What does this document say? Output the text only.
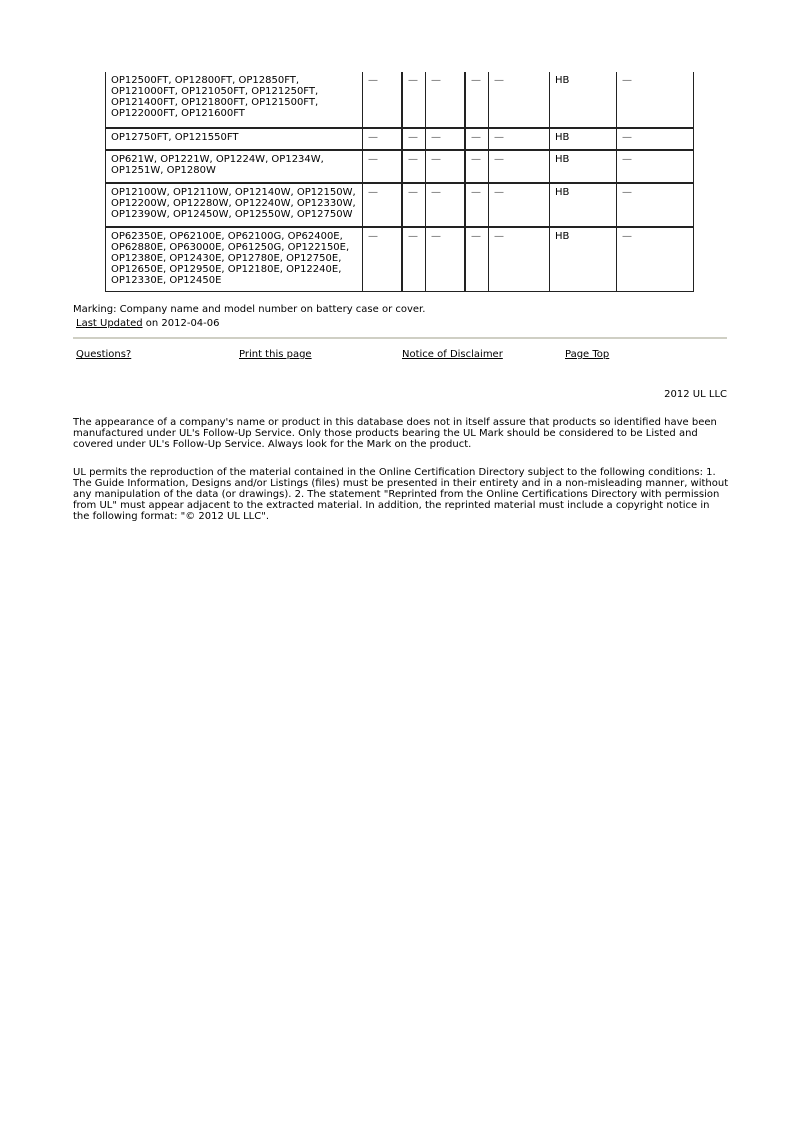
OP12500FT, OP12800FT, OP12850FT, OP121000FT, OP121050FT, OP121250FT, OP121400FT, OP121800FT, OP121500FT, OP122000FT, OP121600FT	—	—	—	—	—	HB	—
OP12750FT, OP121550FT	—	—	—	—	—	HB	—
OP621W, OP1221W, OP1224W, OP1234W, OP1251W, OP1280W	—	—	—	—	—	HB	—
OP12100W, OP12110W, OP12140W, OP12150W, OP12200W, OP12280W, OP12240W, OP12330W, OP12390W, OP12450W, OP12550W, OP12750W	—	—	—	—	—	HB	—
OP62350E, OP62100E, OP62100G, OP62400E, OP62880E, OP63000E, OP61250G, OP122150E, OP12380E, OP12430E, OP12780E, OP12750E, OP12650E, OP12950E, OP12180E, OP12240E, OP12330E, OP12450E	—	—	—	—	—	HB	—
Marking: Company name and model number on battery case or cover.
Last Updated on 2012-04-06
Questions?	Print this page	Notice of Disclaimer	Page Top
2012 UL LLC
The appearance of a company's name or product in this database does not in itself assure that products so identified have been manufactured under UL's Follow-Up Service. Only those products bearing the UL Mark should be considered to be Listed and covered under UL's Follow-Up Service. Always look for the Mark on the product.
UL permits the reproduction of the material contained in the Online Certification Directory subject to the following conditions: 1. The Guide Information, Designs and/or Listings (files) must be presented in their entirety and in a non-misleading manner, without any manipulation of the data (or drawings). 2. The statement "Reprinted from the Online Certifications Directory with permission from UL" must appear adjacent to the extracted material. In addition, the reprinted material must include a copyright notice in the following format: "© 2012 UL LLC".
